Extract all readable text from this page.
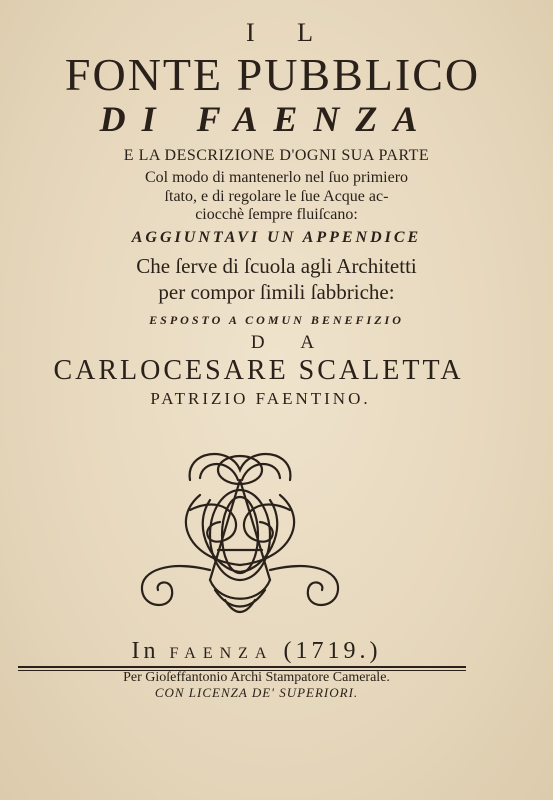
I L
FONTE PUBBLICO
DI FAENZA
E LA DESCRIZIONE D'OGNI SUA PARTE
Col modo di mantenerlo nel ſuo primiero
ſtato, e di regolare le ſue Acque ac-
ciocchè ſempre fluiſcano:
AGGIUNTAVI UN APPENDICE
Che ſerve di ſcuola agli Architetti
per compor ſimili ſabbriche:
ESPOSTO A COMUN BENEFIZIO
D A
CARLOCESARE SCALETTA
PATRIZIO FAENTINO.
In FAENZA (1719.)
Per Gioſeffantonio Archi Stampatore Camerale.
CON LICENZA DE' SUPERIORI.
